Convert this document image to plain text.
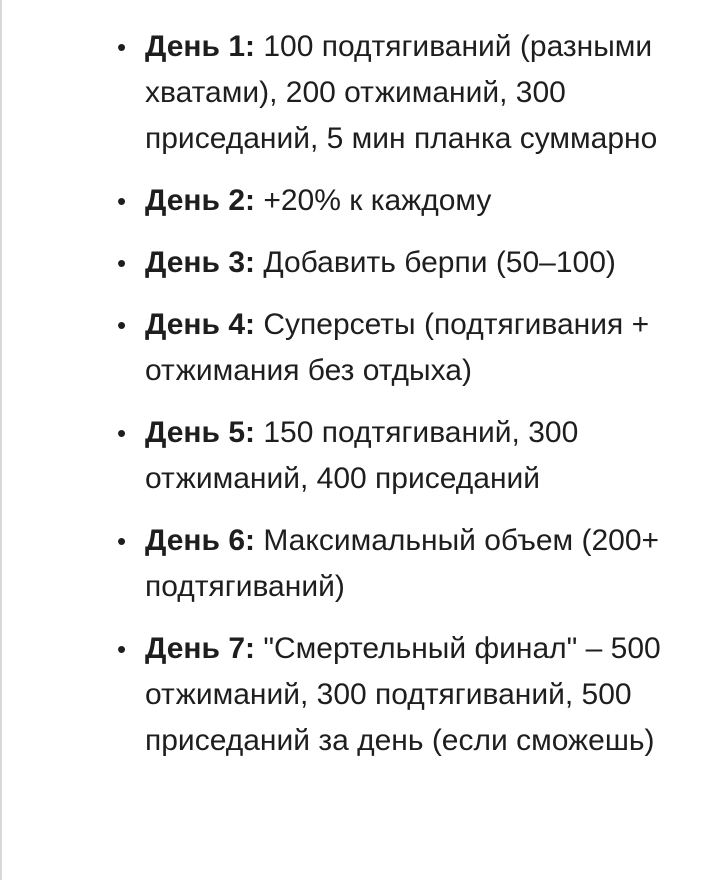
• День 1: 100 подтягиваний (разными хватами), 200 отжиманий, 300 приседаний, 5 мин планка суммарно
• День 2: +20% к каждому
• День 3: Добавить берпи (50–100)
• День 4: Суперсеты (подтягивания + отжимания без отдыха)
• День 5: 150 подтягиваний, 300 отжиманий, 400 приседаний
• День 6: Максимальный объем (200+ подтягиваний)
• День 7: "Смертельный финал" – 500 отжиманий, 300 подтягиваний, 500 приседаний за день (если сможешь)
